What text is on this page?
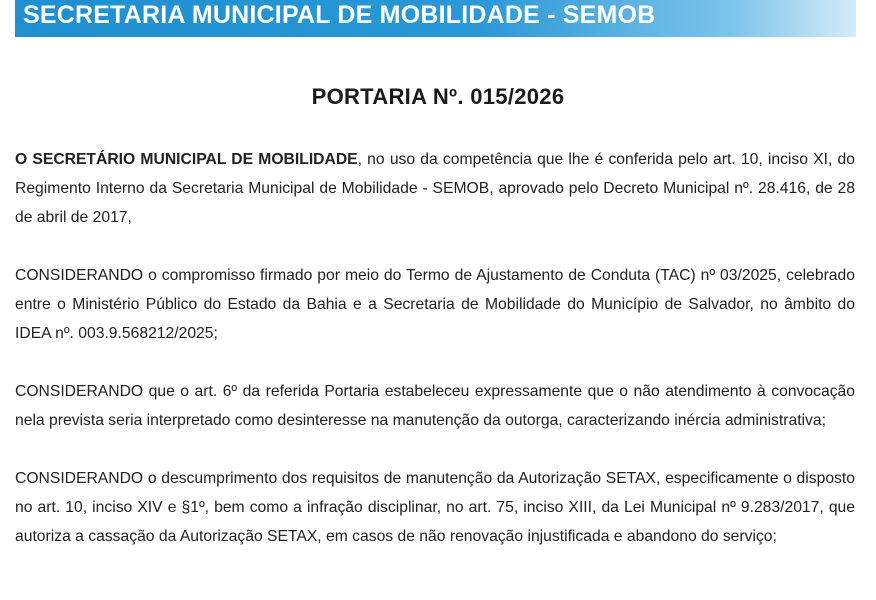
SECRETARIA MUNICIPAL DE MOBILIDADE - SEMOB
PORTARIA Nº. 015/2026

O SECRETÁRIO MUNICIPAL DE MOBILIDADE, no uso da competência que lhe é conferida pelo art. 10, inciso XI, do Regimento Interno da Secretaria Municipal de Mobilidade - SEMOB, aprovado pelo Decreto Municipal nº. 28.416, de 28 de abril de 2017,

CONSIDERANDO o compromisso firmado por meio do Termo de Ajustamento de Conduta (TAC) nº 03/2025, celebrado entre o Ministério Público do Estado da Bahia e a Secretaria de Mobilidade do Município de Salvador, no âmbito do IDEA nº. 003.9.568212/2025;

CONSIDERANDO que o art. 6º da referida Portaria estabeleceu expressamente que o não atendimento à convocação nela prevista seria interpretado como desinteresse na manutenção da outorga, caracterizando inércia administrativa;

CONSIDERANDO o descumprimento dos requisitos de manutenção da Autorização SETAX, especificamente o disposto no art. 10, inciso XIV e §1º, bem como a infração disciplinar, no art. 75, inciso XIII, da Lei Municipal nº 9.283/2017, que autoriza a cassação da Autorização SETAX, em casos de não renovação injustificada e abandono do serviço;
